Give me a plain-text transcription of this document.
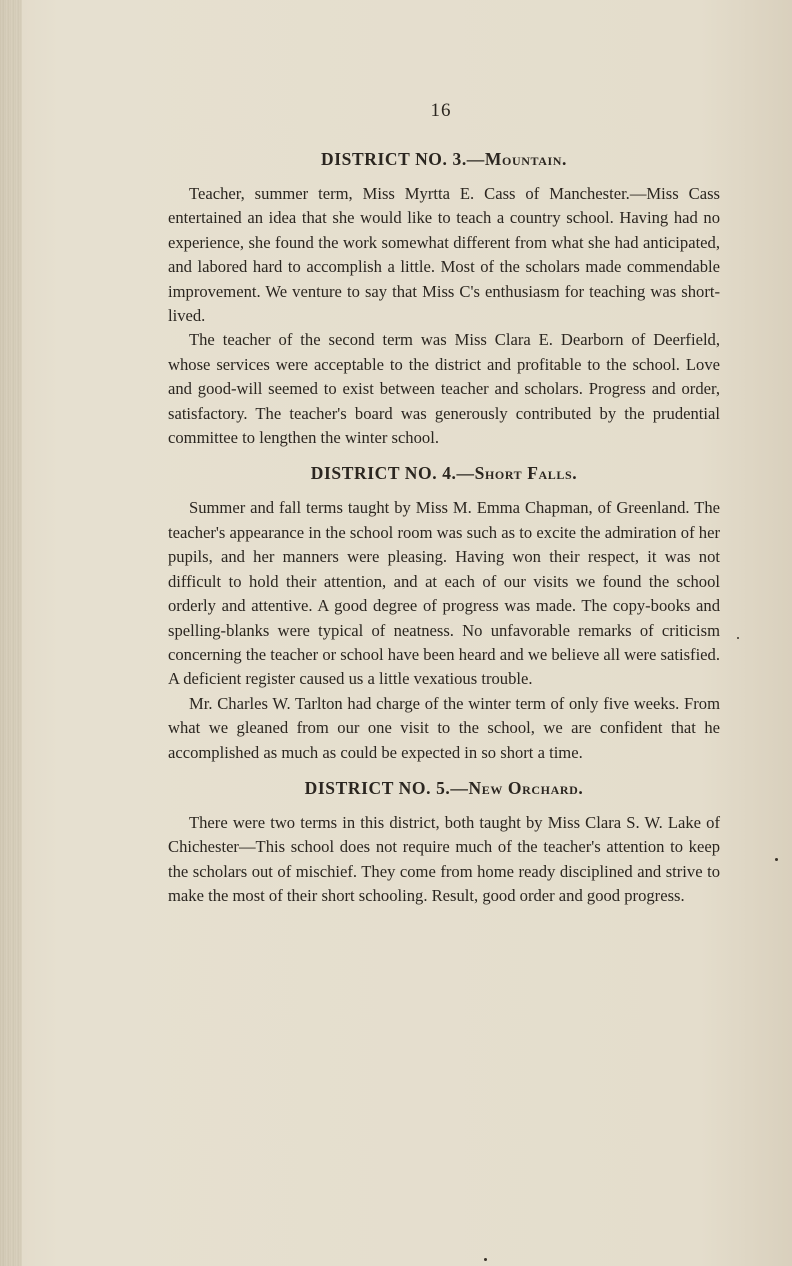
16
DISTRICT NO. 3.—Mountain.

Teacher, summer term, Miss Myrtta E. Cass of Manchester.—Miss Cass entertained an idea that she would like to teach a country school. Having had no experience, she found the work somewhat different from what she had anticipated, and labored hard to accomplish a little. Most of the scholars made commendable improvement. We venture to say that Miss C's enthusiasm for teaching was short-lived.

The teacher of the second term was Miss Clara E. Dearborn of Deerfield, whose services were acceptable to the district and profitable to the school. Love and good-will seemed to exist between teacher and scholars. Progress and order, satisfactory. The teacher's board was generously contributed by the prudential committee to lengthen the winter school.

DISTRICT NO. 4.—Short Falls.

Summer and fall terms taught by Miss M. Emma Chapman, of Greenland. The teacher's appearance in the school room was such as to excite the admiration of her pupils, and her manners were pleasing. Having won their respect, it was not difficult to hold their attention, and at each of our visits we found the school orderly and attentive. A good degree of progress was made. The copy-books and spelling-blanks were typical of neatness. No unfavorable remarks of criticism concerning the teacher or school have been heard and we believe all were satisfied. A deficient register caused us a little vexatious trouble.

Mr. Charles W. Tarlton had charge of the winter term of only five weeks. From what we gleaned from our one visit to the school, we are confident that he accomplished as much as could be expected in so short a time.

DISTRICT NO. 5.—New Orchard.

There were two terms in this district, both taught by Miss Clara S. W. Lake of Chichester—This school does not require much of the teacher's attention to keep the scholars out of mischief. They come from home ready disciplined and strive to make the most of their short schooling. Result, good order and good progress.
